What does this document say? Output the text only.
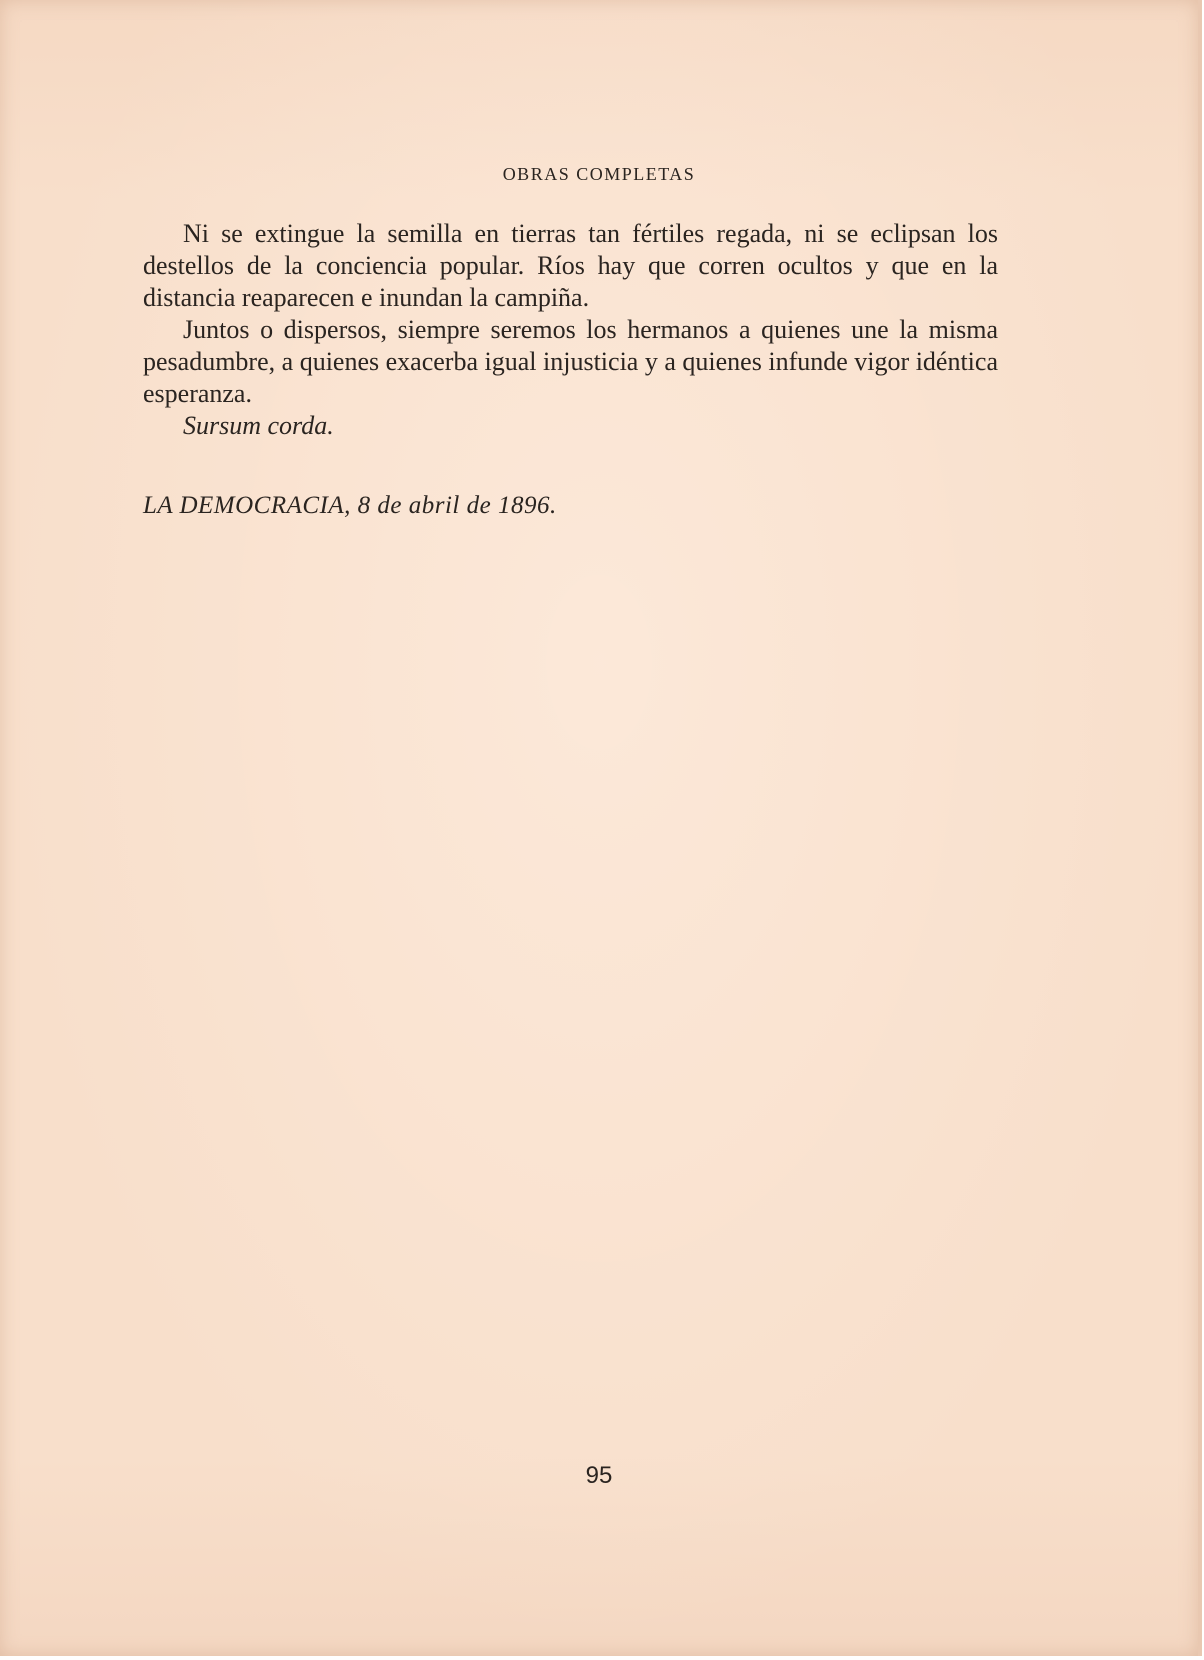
OBRAS COMPLETAS

Ni se extingue la semilla en tierras tan fértiles regada, ni se eclipsan los destellos de la conciencia popular. Ríos hay que corren ocultos y que en la distancia reaparecen e inundan la campiña.

Juntos o dispersos, siempre seremos los hermanos a quienes une la misma pesadumbre, a quienes exacerba igual injusticia y a quienes infunde vigor idéntica esperanza.

Sursum corda.

LA DEMOCRACIA, 8 de abril de 1896.
95
